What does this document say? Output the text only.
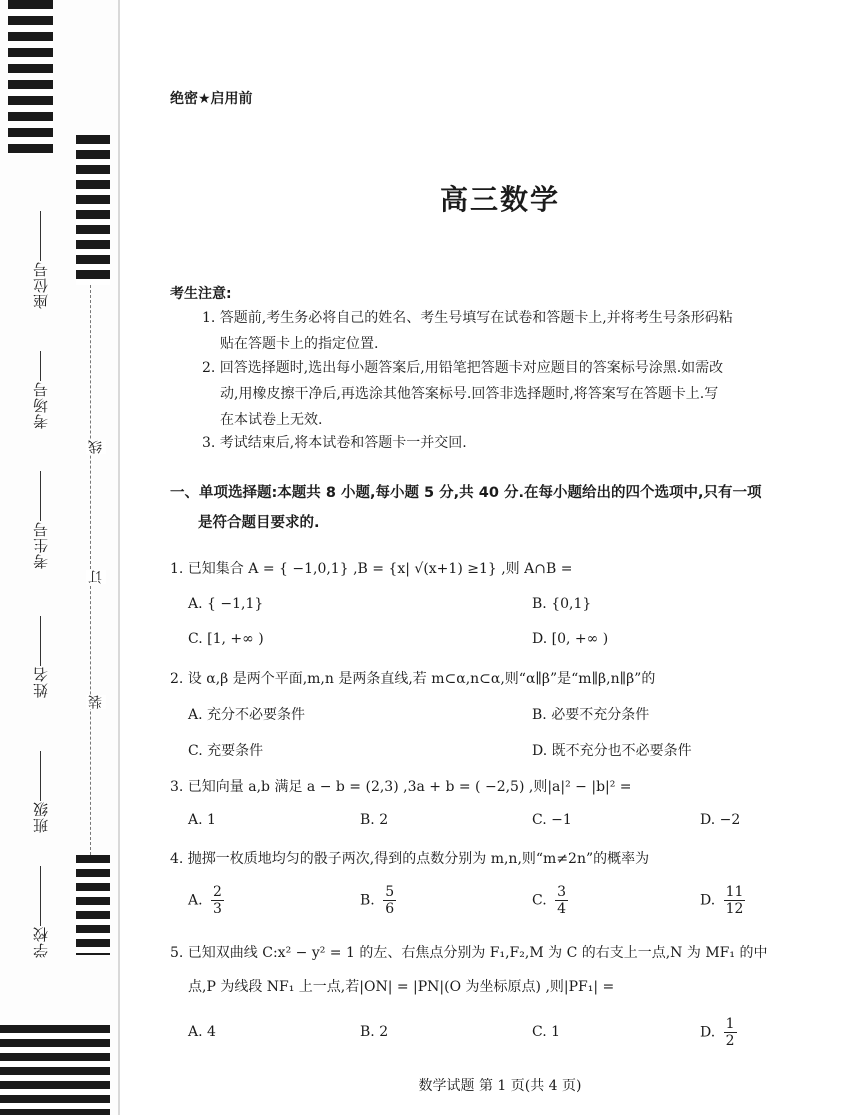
座位号
考场号
考生号
姓名
班级
学校
线
订
装
绝密★启用前
高三数学
考生注意:
1. 答题前,考生务必将自己的姓名、考生号填写在试卷和答题卡上,并将考生号条形码粘
贴在答题卡上的指定位置.
2. 回答选择题时,选出每小题答案后,用铅笔把答题卡对应题目的答案标号涂黑.如需改
动,用橡皮擦干净后,再选涂其他答案标号.回答非选择题时,将答案写在答题卡上.写
在本试卷上无效.
3. 考试结束后,将本试卷和答题卡一并交回.
一、单项选择题:本题共 8 小题,每小题 5 分,共 40 分.在每小题给出的四个选项中,只有一项
是符合题目要求的.
1. 已知集合 A = { −1,0,1} ,B = {x| √(x+1) ≥1} ,则 A∩B =
A. { −1,1}	B. {0,1}
C. [1, +∞ )	D. [0, +∞ )
2. 设 α,β 是两个平面,m,n 是两条直线,若 m⊂α,n⊂α,则“α∥β”是“m∥β,n∥β”的
A. 充分不必要条件	B. 必要不充分条件
C. 充要条件	D. 既不充分也不必要条件
3. 已知向量 a,b 满足 a − b = (2,3) ,3a + b = ( −2,5) ,则|a|² − |b|² =
A. 1	B. 2	C. −1	D. −2
4. 抛掷一枚质地均匀的骰子两次,得到的点数分别为 m,n,则“m≠2n”的概率为
A. $\frac{2}{3}$	B. $\frac{5}{6}$	C. $\frac{3}{4}$	D. $\frac{11}{12}$
5. 已知双曲线 C:x² − y² = 1 的左、右焦点分别为 F₁,F₂,M 为 C 的右支上一点,N 为 MF₁ 的中
点,P 为线段 NF₁ 上一点,若|ON| = |PN|(O 为坐标原点) ,则|PF₁| =
A. 4	B. 2	C. 1	D. $\frac{1}{2}$
数学试题 第 1 页(共 4 页)
